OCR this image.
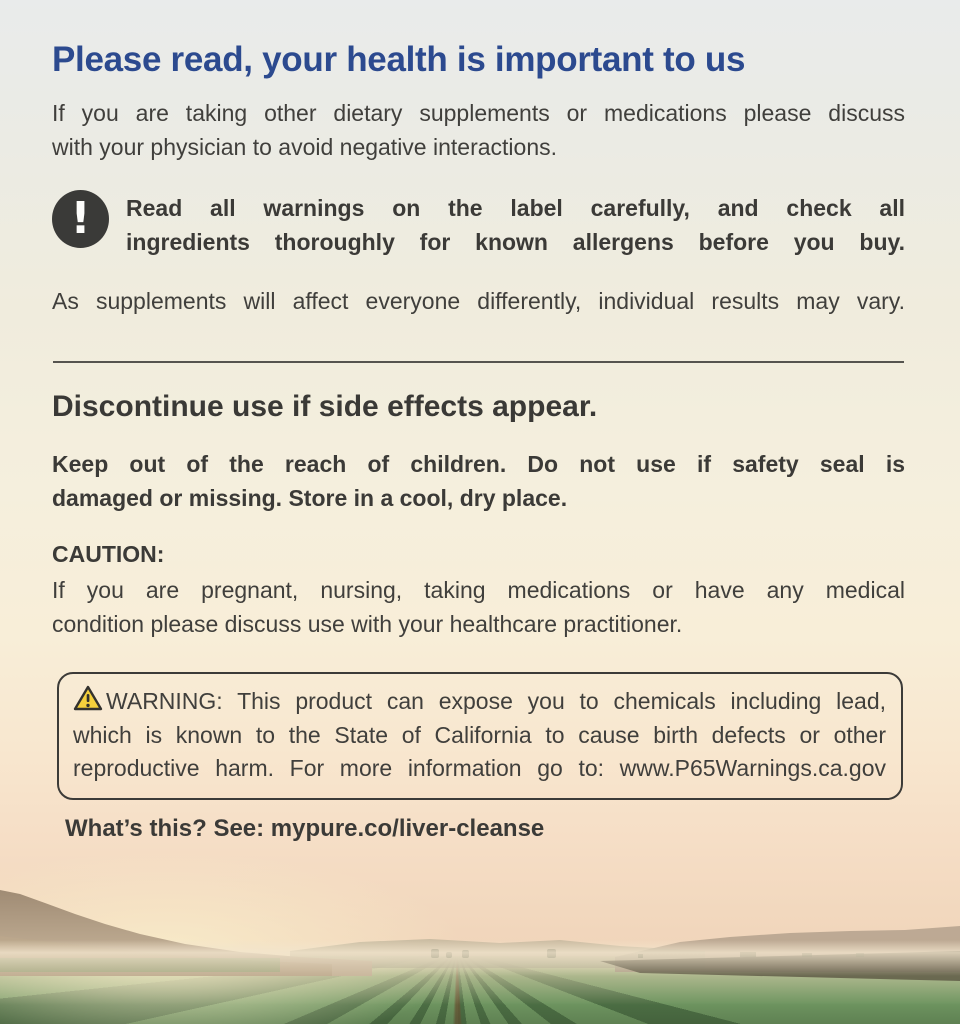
Please read, your health is important to us
If you are taking other dietary supplements or medications please discuss
with your physician to avoid negative interactions.
! Read all warnings on the label carefully, and check all
ingredients thoroughly for known allergens before you buy.
As supplements will affect everyone differently, individual results may vary.
Discontinue use if side effects appear.
Keep out of the reach of children. Do not use if safety seal is
damaged or missing. Store in a cool, dry place.
CAUTION:
If you are pregnant, nursing, taking medications or have any medical
condition please discuss use with your healthcare practitioner.
WARNING: This product can expose you to chemicals including lead,
which is known to the State of California to cause birth defects or other
reproductive harm. For more information go to: www.P65Warnings.ca.gov
What’s this? See: mypure.co/liver-cleanse
